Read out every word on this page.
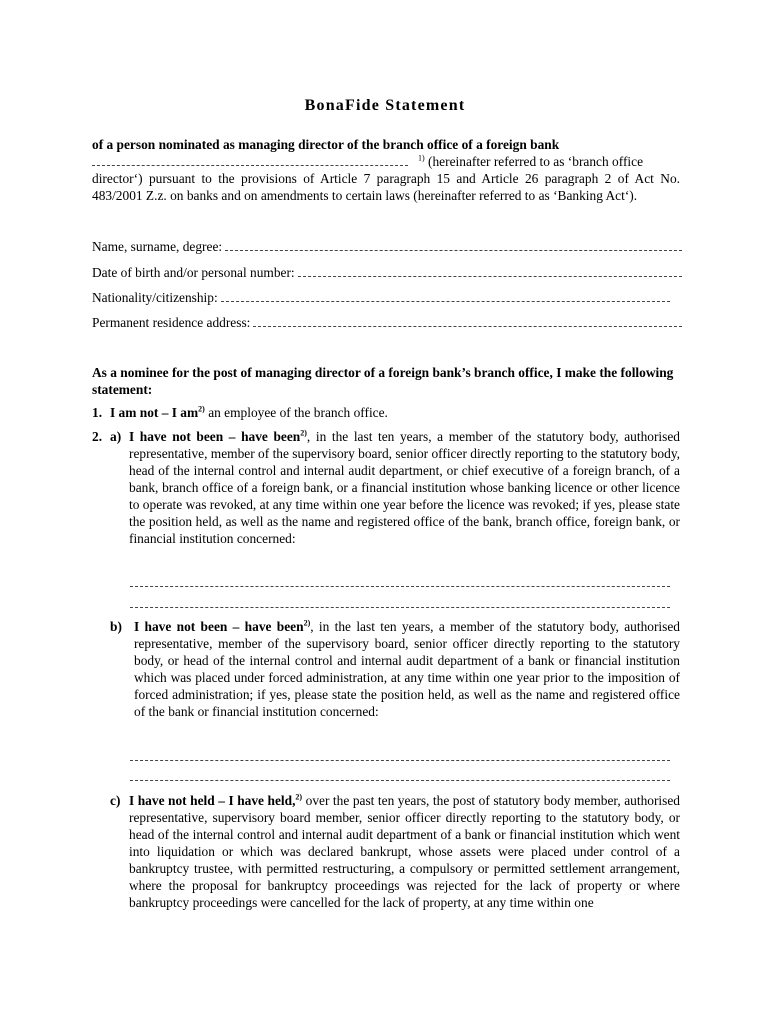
BonaFide Statement
of a person nominated as managing director of the branch office of a foreign bank
$^{1)}$ (hereinafter referred to as ‘branch office
director‘) pursuant to the provisions of Article 7 paragraph 15 and Article 26 paragraph 2 of Act No. 483/2001 Z.z. on banks and on amendments to certain laws (hereinafter referred to as ‘Banking Act‘).
Name, surname, degree:
Date of birth and/or personal number:
Nationality/citizenship:
Permanent residence address:
As a nominee for the post of managing director of a foreign bank’s branch office, I make the following statement:
1. I am not – I $am^{2)}$ an employee of the branch office.
2. a) I have not been – have been$^{2)}$, in the last ten years, a member of the statutory body, authorised representative, member of the supervisory board, senior officer directly reporting to the statutory body, head of the internal control and internal audit department, or chief executive of a foreign branch, of a bank, branch office of a foreign bank, or a financial institution whose banking licence or other licence to operate was revoked, at any time within one year before the licence was revoked; if yes, please state the position held, as well as the name and registered office of the bank, branch office, foreign bank, or financial institution concerned:
b) I have not been – have been$^{2)}$, in the last ten years, a member of the statutory body, authorised representative, member of the supervisory board, senior officer directly reporting to the statutory body, or head of the internal control and internal audit department of a bank or financial institution which was placed under forced administration, at any time within one year prior to the imposition of forced administration; if yes, please state the position held, as well as the name and registered office of the bank or financial institution concerned:
c) I have not held – I have held,$^{2)}$ over the past ten years, the post of statutory body member, authorised representative, supervisory board member, senior officer directly reporting to the statutory body, or head of the internal control and internal audit department of a bank or financial institution which went into liquidation or which was declared bankrupt, whose assets were placed under control of a bankruptcy trustee, with permitted restructuring, a compulsory or permitted settlement arrangement, where the proposal for bankruptcy proceedings was rejected for the lack of property or where bankruptcy proceedings were cancelled for the lack of property, at any time within one
